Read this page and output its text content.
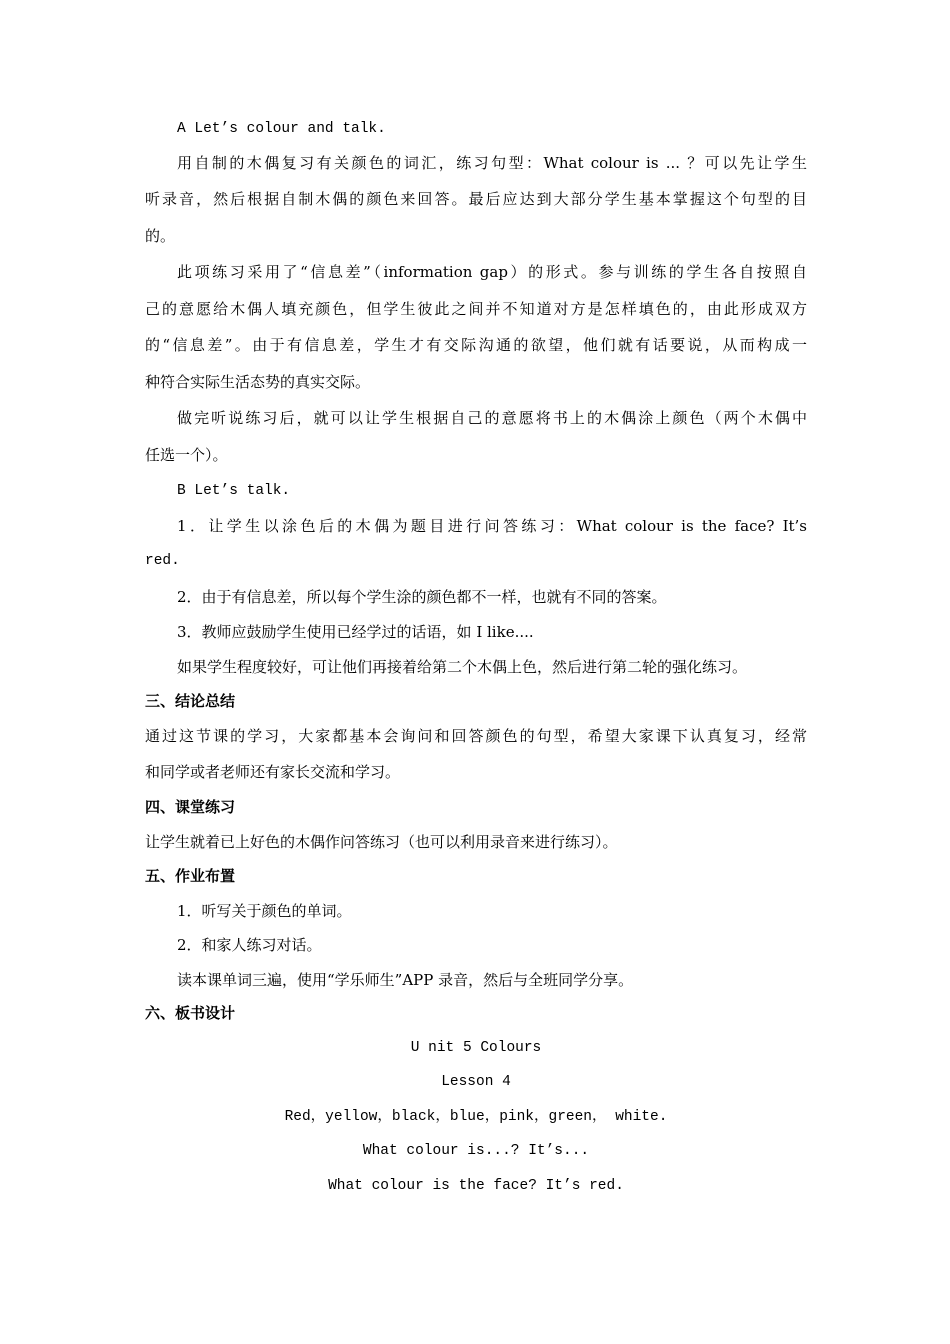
A Let’s colour and talk.
用自制的木偶复习有关颜色的词汇，练习句型：What colour is ... ？可以先让学生
听录音，然后根据自制木偶的颜色来回答。最后应达到大部分学生基本掌握这个句型的目
的。
此项练习采用了“信息差”（information gap）的形式。参与训练的学生各自按照自
己的意愿给木偶人填充颜色，但学生彼此之间并不知道对方是怎样填色的，由此形成双方
的“信息差”。由于有信息差，学生才有交际沟通的欲望，他们就有话要说，从而构成一
种符合实际生活态势的真实交际。
做完听说练习后，就可以让学生根据自己的意愿将书上的木偶涂上颜色（两个木偶中
任选一个）。
B Let’s talk.
1．让学生以涂色后的木偶为题目进行问答练习：What colour is the face? It’s
red.
2．由于有信息差，所以每个学生涂的颜色都不一样，也就有不同的答案。
3．教师应鼓励学生使用已经学过的话语，如 I like....
如果学生程度较好，可让他们再接着给第二个木偶上色，然后进行第二轮的强化练习。
三、结论总结
通过这节课的学习，大家都基本会询问和回答颜色的句型，希望大家课下认真复习，经常
和同学或者老师还有家长交流和学习。
四、课堂练习
让学生就着已上好色的木偶作问答练习（也可以利用录音来进行练习）。
五、作业布置
1．听写关于颜色的单词。
2．和家人练习对话。
读本课单词三遍，使用“学乐师生”APP 录音，然后与全班同学分享。
六、板书设计
U nit 5 Colours
Lesson 4
Red，yellow，black，blue，pink，green， white.
What colour is...? It’s...
What colour is the face? It’s red.
